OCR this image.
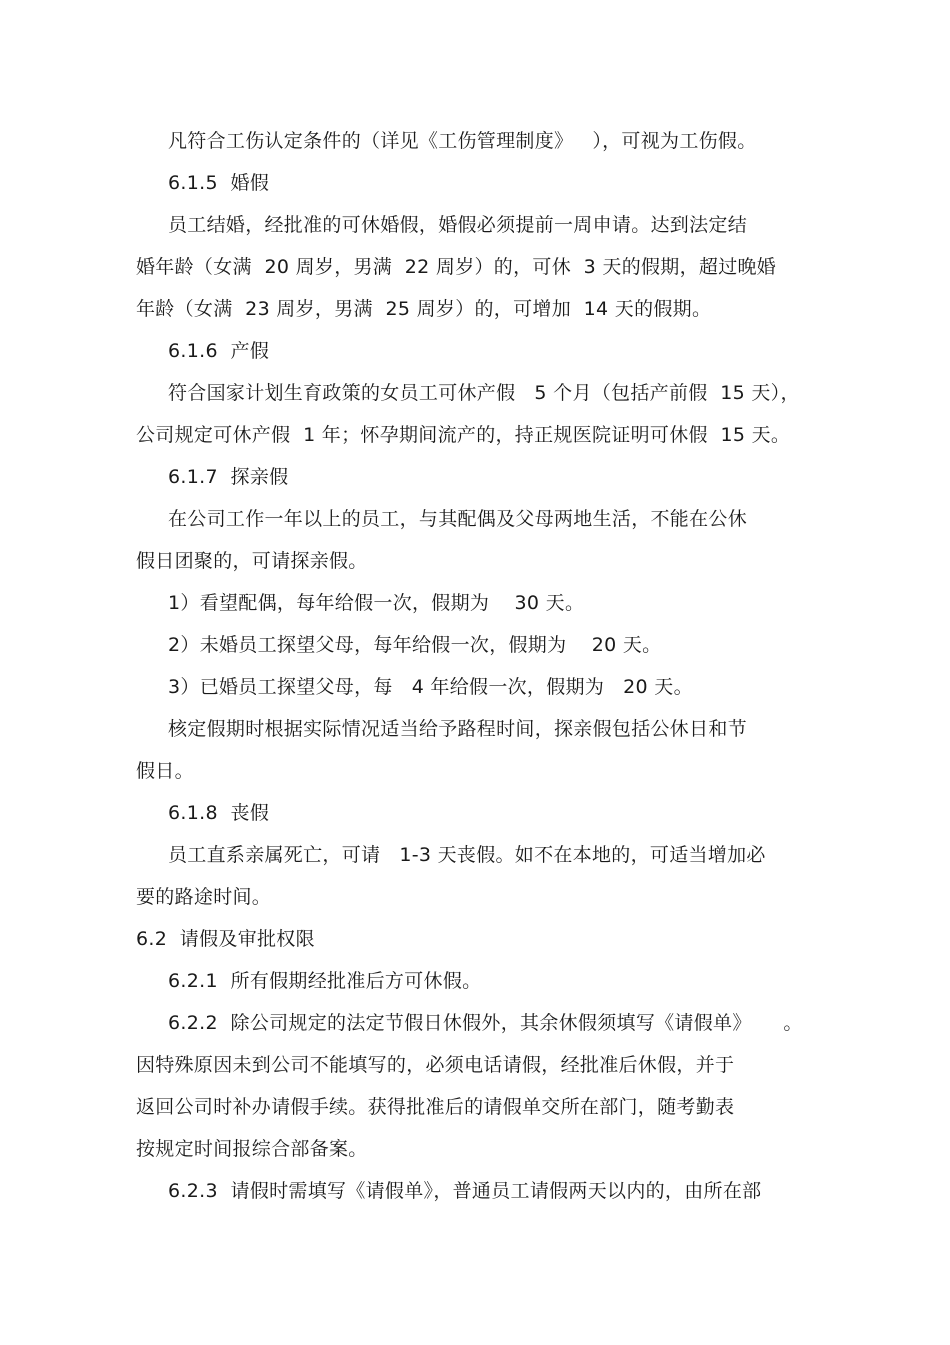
凡符合工伤认定条件的（详见《工伤管理制度》   ），可视为工伤假。
6.1.5  婚假
员工结婚，经批准的可休婚假，婚假必须提前一周申请。达到法定结
婚年龄（女满  20 周岁，男满  22 周岁）的，可休  3 天的假期，超过晚婚
年龄（女满  23 周岁，男满  25 周岁）的，可增加  14 天的假期。
6.1.6  产假
符合国家计划生育政策的女员工可休产假   5 个月（包括产前假  15 天），
公司规定可休产假  1 年；怀孕期间流产的，持正规医院证明可休假  15 天。
6.1.7  探亲假
在公司工作一年以上的员工，与其配偶及父母两地生活，不能在公休
假日团聚的，可请探亲假。
1）看望配偶，每年给假一次，假期为    30 天。
2）未婚员工探望父母，每年给假一次，假期为    20 天。
3）已婚员工探望父母，每   4 年给假一次，假期为   20 天。
核定假期时根据实际情况适当给予路程时间，探亲假包括公休日和节
假日。
6.1.8  丧假
员工直系亲属死亡，可请   1-3 天丧假。如不在本地的，可适当增加必
要的路途时间。
6.2  请假及审批权限
6.2.1  所有假期经批准后方可休假。
6.2.2  除公司规定的法定节假日休假外，其余休假须填写《请假单》     。
因特殊原因未到公司不能填写的，必须电话请假，经批准后休假，并于
返回公司时补办请假手续。获得批准后的请假单交所在部门，随考勤表
按规定时间报综合部备案。
6.2.3  请假时需填写《请假单》，普通员工请假两天以内的，由所在部
